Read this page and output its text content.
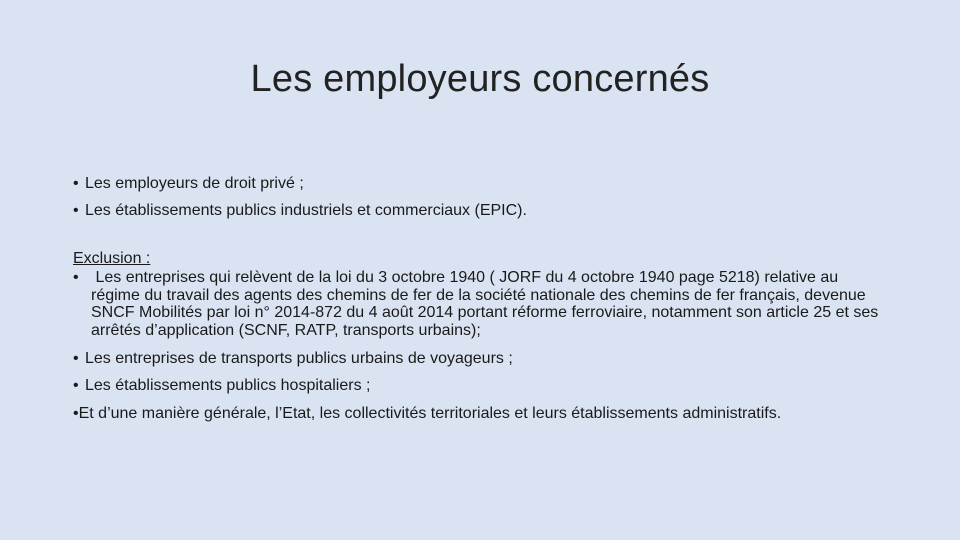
Les employeurs concernés

• Les employeurs de droit privé ;

• Les établissements publics industriels et commerciaux (EPIC).

Exclusion :

• Les entreprises qui relèvent de la loi du 3 octobre 1940 ( JORF du 4 octobre 1940 page 5218) relative au régime du travail des agents des chemins de fer de la société nationale des chemins de fer français, devenue SNCF Mobilités par loi n° 2014-872 du 4 août 2014 portant réforme ferroviaire, notamment son article 25 et ses arrêtés d’application (SCNF, RATP, transports urbains);

• Les entreprises de transports publics urbains de voyageurs ;

• Les établissements publics hospitaliers ;

•Et d’une manière générale, l’Etat, les collectivités territoriales et leurs établissements administratifs.
